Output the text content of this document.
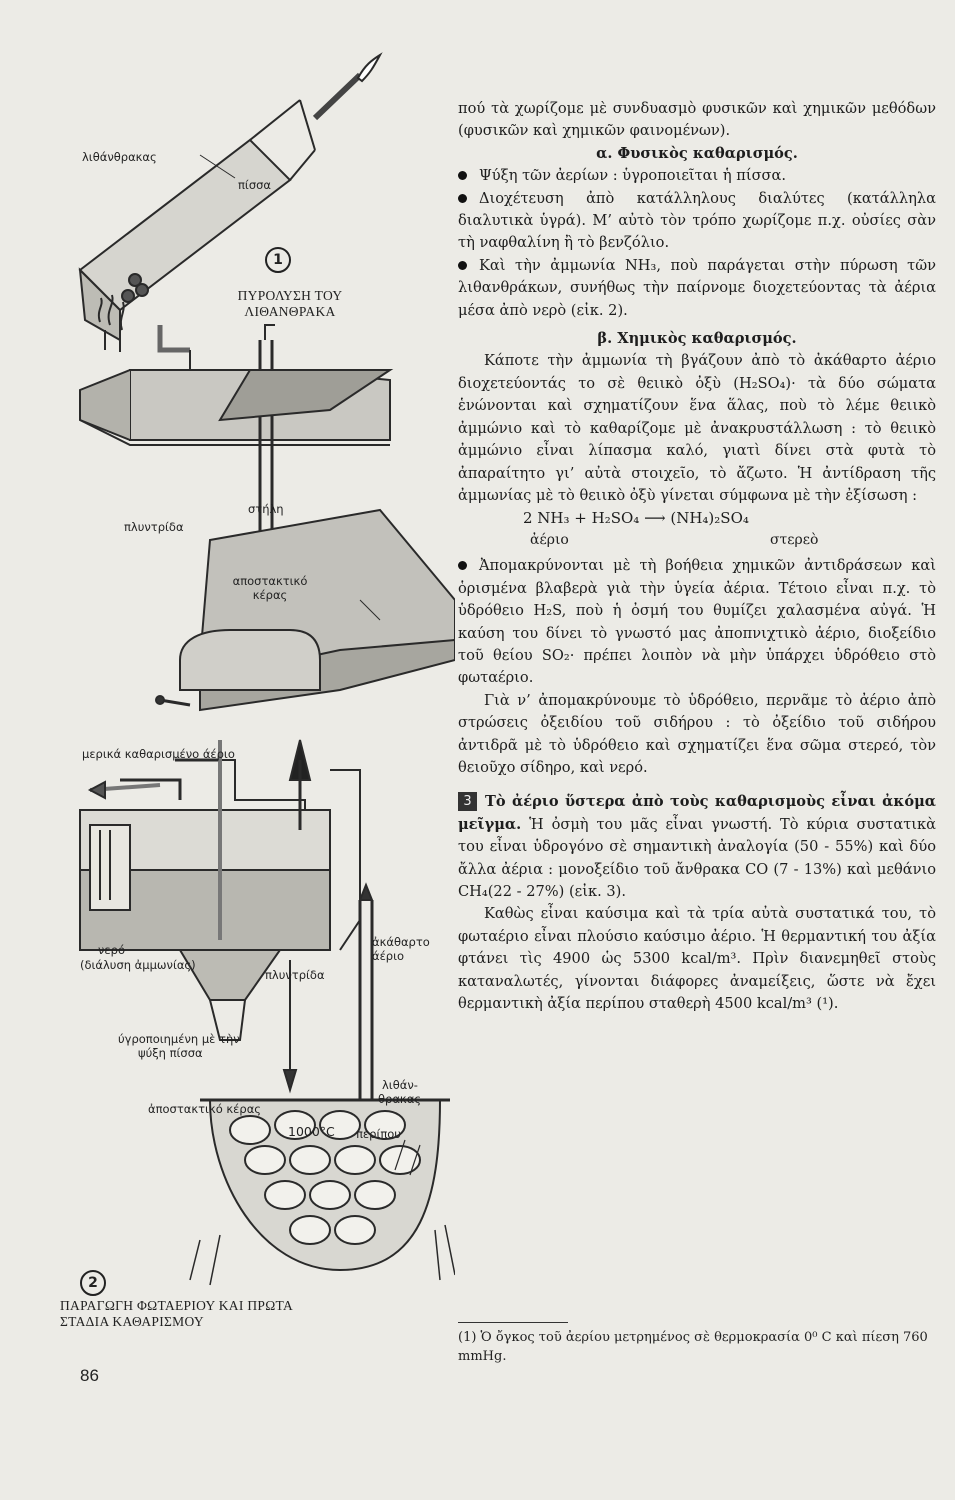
λιθάνθρακας
πίσσα
1
ΠΥΡΟΛΥΣΗ ΤΟΥ
ΛΙΘΑΝΘΡΑΚΑ
πλυντρίδα
στήλη
αποστακτικό κέρας
μερικά καθαρισμένο άέριο
ἀκάθαρτο άέριο
νερό
(διάλυση ἀμμωνίας)
πλυντρίδα
ύγροποιημένη μὲ τὴν
ψύξη πίσσα
λιθάν-
θρακας
ἀποστακτικό κέρας
1000°C περίπου
2
ΠΑΡΑΓΩΓΗ ΦΩΤΑΕΡΙΟΥ ΚΑΙ ΠΡΩΤΑ
ΣΤΑΔΙΑ ΚΑΘΑΡΙΣΜΟΥ

πού τὰ χωρίζομε μὲ συνδυασμὸ φυσικῶν καὶ χημικῶν μεθόδων (φυσικῶν καὶ χημικῶν φαινομένων).

α. Φυσικὸς καθαρισμός.

Ψύξη τῶν ἀερίων : ὑγροποιεῖται ἡ πίσσα.

Διοχέτευση ἀπὸ κατάλληλους διαλύτες (κατάλληλα διαλυτικὰ ὑγρά). Μ’ αὐτὸ τὸν τρόπο χωρίζομε π.χ. οὐσίες σὰν τὴ ναφθαλίνη ἢ τὸ βενζόλιο.

Καὶ τὴν ἀμμωνία NH₃, ποὺ παράγεται στὴν πύρωση τῶν λιθανθράκων, συνήθως τὴν παίρνομε διοχετεύοντας τὰ ἀέρια μέσα ἀπὸ νερὸ (εἰκ. 2).

β. Χημικὸς καθαρισμός.

Κάποτε τὴν ἀμμωνία τὴ βγάζουν ἀπὸ τὸ ἀκάθαρτο ἀέριο διοχετεύοντάς το σὲ θειικὸ ὀξὺ (H₂SO₄)· τὰ δύο σώματα ἑνώνονται καὶ σχηματίζουν ἕνα ἅλας, ποὺ τὸ λέμε θειικὸ ἀμμώνιο καὶ τὸ καθαρίζομε μὲ ἀνακρυστάλλωση : τὸ θειικὸ ἀμμώνιο εἶναι λίπασμα καλό, γιατὶ δίνει στὰ φυτὰ τὸ ἀπαραίτητο γι’ αὐτὰ στοιχεῖο, τὸ ἄζωτο. Ἡ ἀντίδραση τῆς ἀμμωνίας μὲ τὸ θειικὸ ὀξὺ γίνεται σύμφωνα μὲ τὴν ἐξίσωση :

2 NH₃ + H₂SO₄ ⟶ (NH₄)₂SO₄
ἀέριο	στερεὸ

Ἀπομακρύνονται μὲ τὴ βοήθεια χημικῶν ἀντιδράσεων καὶ ὁρισμένα βλαβερὰ γιὰ τὴν ὑγεία ἀέρια. Τέτοιο εἶναι π.χ. τὸ ὑδρόθειο H₂S, ποὺ ἡ ὀσμή του θυμίζει χαλασμένα αὐγά. Ἡ καύση του δίνει τὸ γνωστό μας ἀποπνιχτικὸ ἀέριο, διοξείδιο τοῦ θείου SO₂· πρέπει λοιπὸν νὰ μὴν ὑπάρχει ὑδρόθειο στὸ φωταέριο.

Γιὰ ν’ ἀπομακρύνουμε τὸ ὑδρόθειο, περνᾶμε τὸ ἀέριο ἀπὸ στρώσεις ὀξειδίου τοῦ σιδήρου : τὸ ὀξείδιο τοῦ σιδήρου ἀντιδρᾶ μὲ τὸ ὑδρόθειο καὶ σχηματίζει ἕνα σῶμα στερεό, τὸν θειοῦχο σίδηρο, καὶ νερό.

3 Τὸ ἀέριο ὕστερα ἀπὸ τοὺς καθαρισμοὺς εἶναι ἀκόμα μεῖγμα. Ἡ ὀσμὴ του μᾶς εἶναι γνωστή. Τὸ κύρια συστατικὰ του εἶναι ὑδρογόνο σὲ σημαντικὴ ἀναλογία (50 - 55%) καὶ δύο ἄλλα ἀέρια : μονοξείδιο τοῦ ἄνθρακα CO (7 - 13%) καὶ μεθάνιο CH₄(22 - 27%) (εἰκ. 3).

Καθὼς εἶναι καύσιμα καὶ τὰ τρία αὐτὰ συστατικά του, τὸ φωταέριο εἶναι πλούσιο καύσιμο ἀέριο. Ἡ θερμαντική του ἀξία φτάνει τὶς 4900 ὡς 5300 kcal/m³. Πρὶν διανεμηθεῖ στοὺς καταναλωτές, γίνονται διάφορες ἀναμείξεις, ὥστε νὰ ἔχει θερμαντικὴ ἀξία περίπου σταθερὴ 4500 kcal/m³ (¹).

(1) Ὁ ὄγκος τοῦ ἀερίου μετρημένος σὲ θερμοκρασία 0⁰ C καὶ πίεση 760 mmHg.
86
